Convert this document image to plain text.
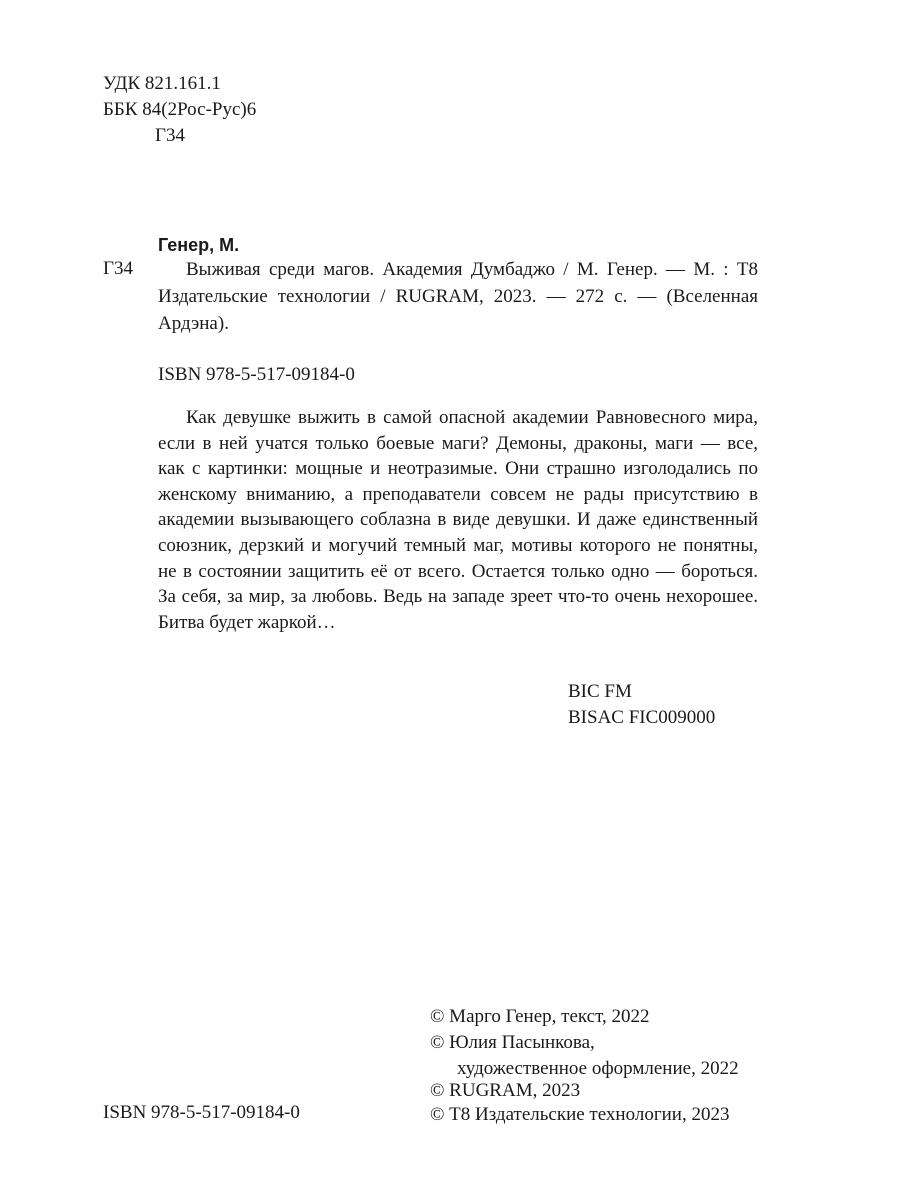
УДК 821.161.1
ББК 84(2Рос-Рус)6
Г34
Генер, М.
Г34	Выживая среди магов. Академия Думбаджо / М. Генер. — М. : Т8 Издательские технологии / RUGRAM, 2023. — 272 с. — (Вселенная Ардэна).

ISBN 978-5-517-09184-0

Как девушке выжить в самой опасной академии Равновесного мира, если в ней учатся только боевые маги? Демоны, драконы, маги — все, как с картинки: мощные и неотразимые. Они страшно изголодались по женскому вниманию, а преподаватели совсем не рады присутствию в академии вызывающего соблазна в виде девушки. И даже единственный союзник, дерзкий и могучий темный маг, мотивы которого не понятны, не в состоянии защитить её от всего. Остается только одно — бороться. За себя, за мир, за любовь. Ведь на западе зреет что-то очень нехорошее. Битва будет жаркой…

BIC FM
BISAC FIC009000
ISBN 978-5-517-09184-0
© Марго Генер, текст, 2022
© Юлия Пасынкова,
художественное оформление, 2022
© RUGRAM, 2023
© Т8 Издательские технологии, 2023
